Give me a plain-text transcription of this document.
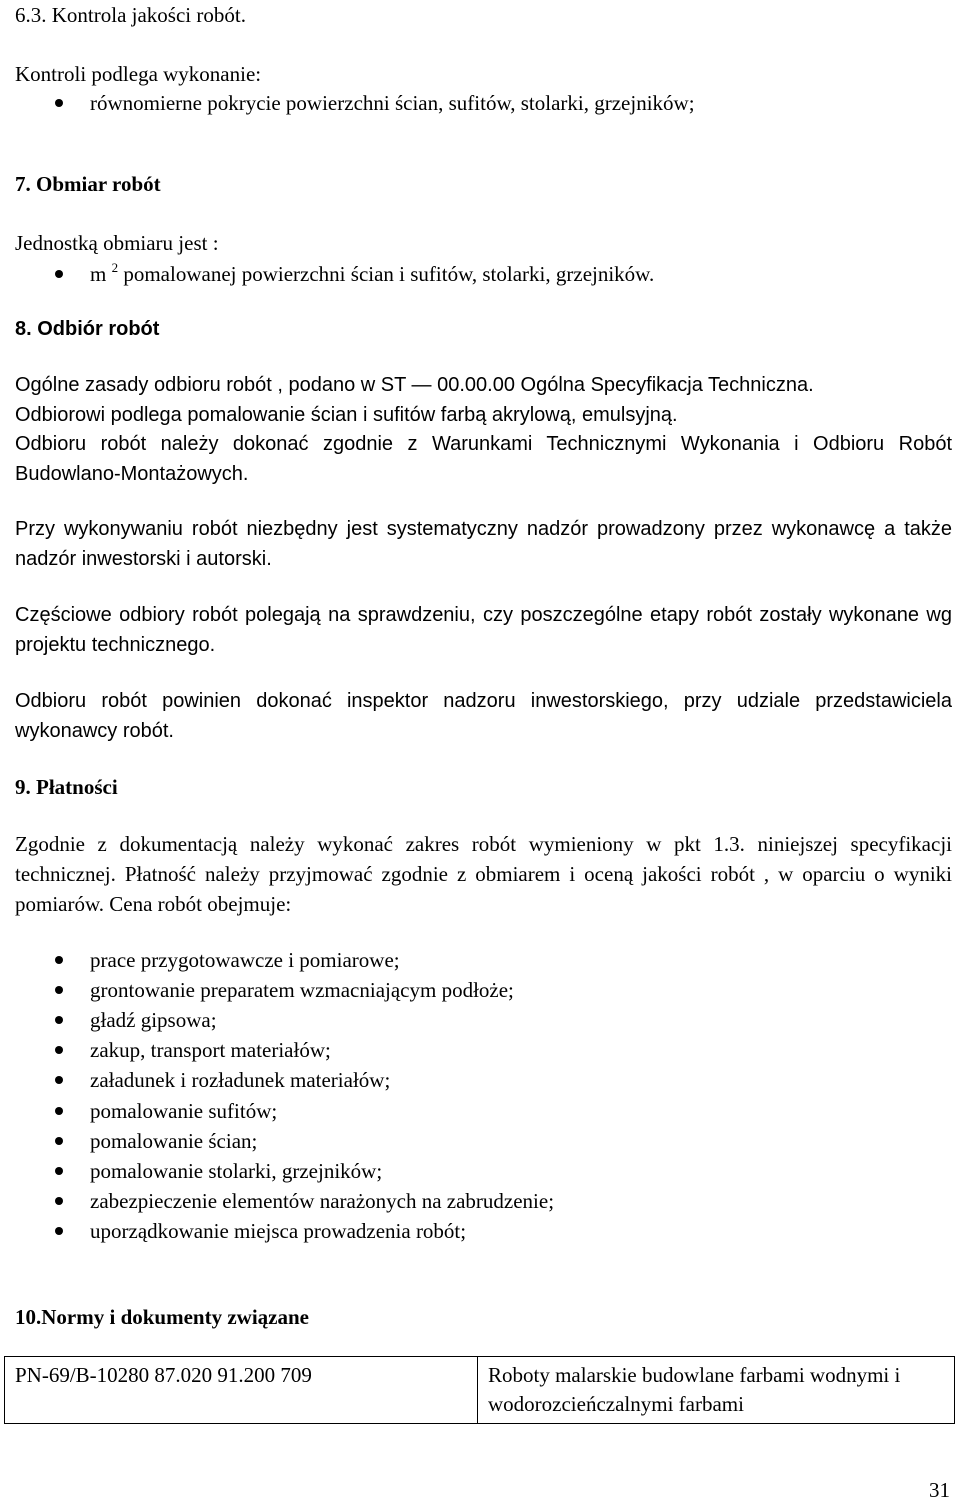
6.3. Kontrola jakości robót.

Kontroli podlega wykonanie:

równomierne pokrycie powierzchni ścian, sufitów, stolarki, grzejników;

7. Obmiar robót

Jednostką obmiaru jest :

m $^2$ pomalowanej powierzchni ścian i sufitów, stolarki, grzejników.

8. Odbiór robót

Ogólne zasady odbioru robót , podano w ST — 00.00.00 Ogólna Specyfikacja Techniczna.

Odbiorowi podlega pomalowanie ścian i sufitów farbą akrylową, emulsyjną.

Odbioru robót należy dokonać zgodnie z Warunkami Technicznymi Wykonania i Odbioru Robót Budowlano-Montażowych.

Przy wykonywaniu robót niezbędny jest systematyczny nadzór prowadzony przez wykonawcę a także nadzór inwestorski i autorski.

Częściowe odbiory robót polegają na sprawdzeniu, czy poszczególne etapy robót zostały wykonane wg projektu technicznego.

Odbioru robót powinien dokonać inspektor nadzoru inwestorskiego, przy udziale przedstawiciela wykonawcy robót.

9. Płatności

Zgodnie z dokumentacją należy wykonać zakres robót wymieniony w pkt 1.3. niniejszej specyfikacji technicznej. Płatność należy przyjmować zgodnie z obmiarem i oceną jakości robót , w oparciu o wyniki pomiarów. Cena robót obejmuje:

prace przygotowawcze i pomiarowe;
grontowanie preparatem wzmacniającym podłoże;
gładź gipsowa;
zakup, transport materiałów;
załadunek i rozładunek materiałów;
pomalowanie sufitów;
pomalowanie ścian;
pomalowanie stolarki, grzejników;
zabezpieczenie elementów narażonych na zabrudzenie;
uporządkowanie miejsca prowadzenia robót;

10.Normy i dokumenty związane

PN-69/B-10280 87.020 91.200 709	Roboty malarskie budowlane farbami wodnymi i wodorozcieńczalnymi farbami
31
